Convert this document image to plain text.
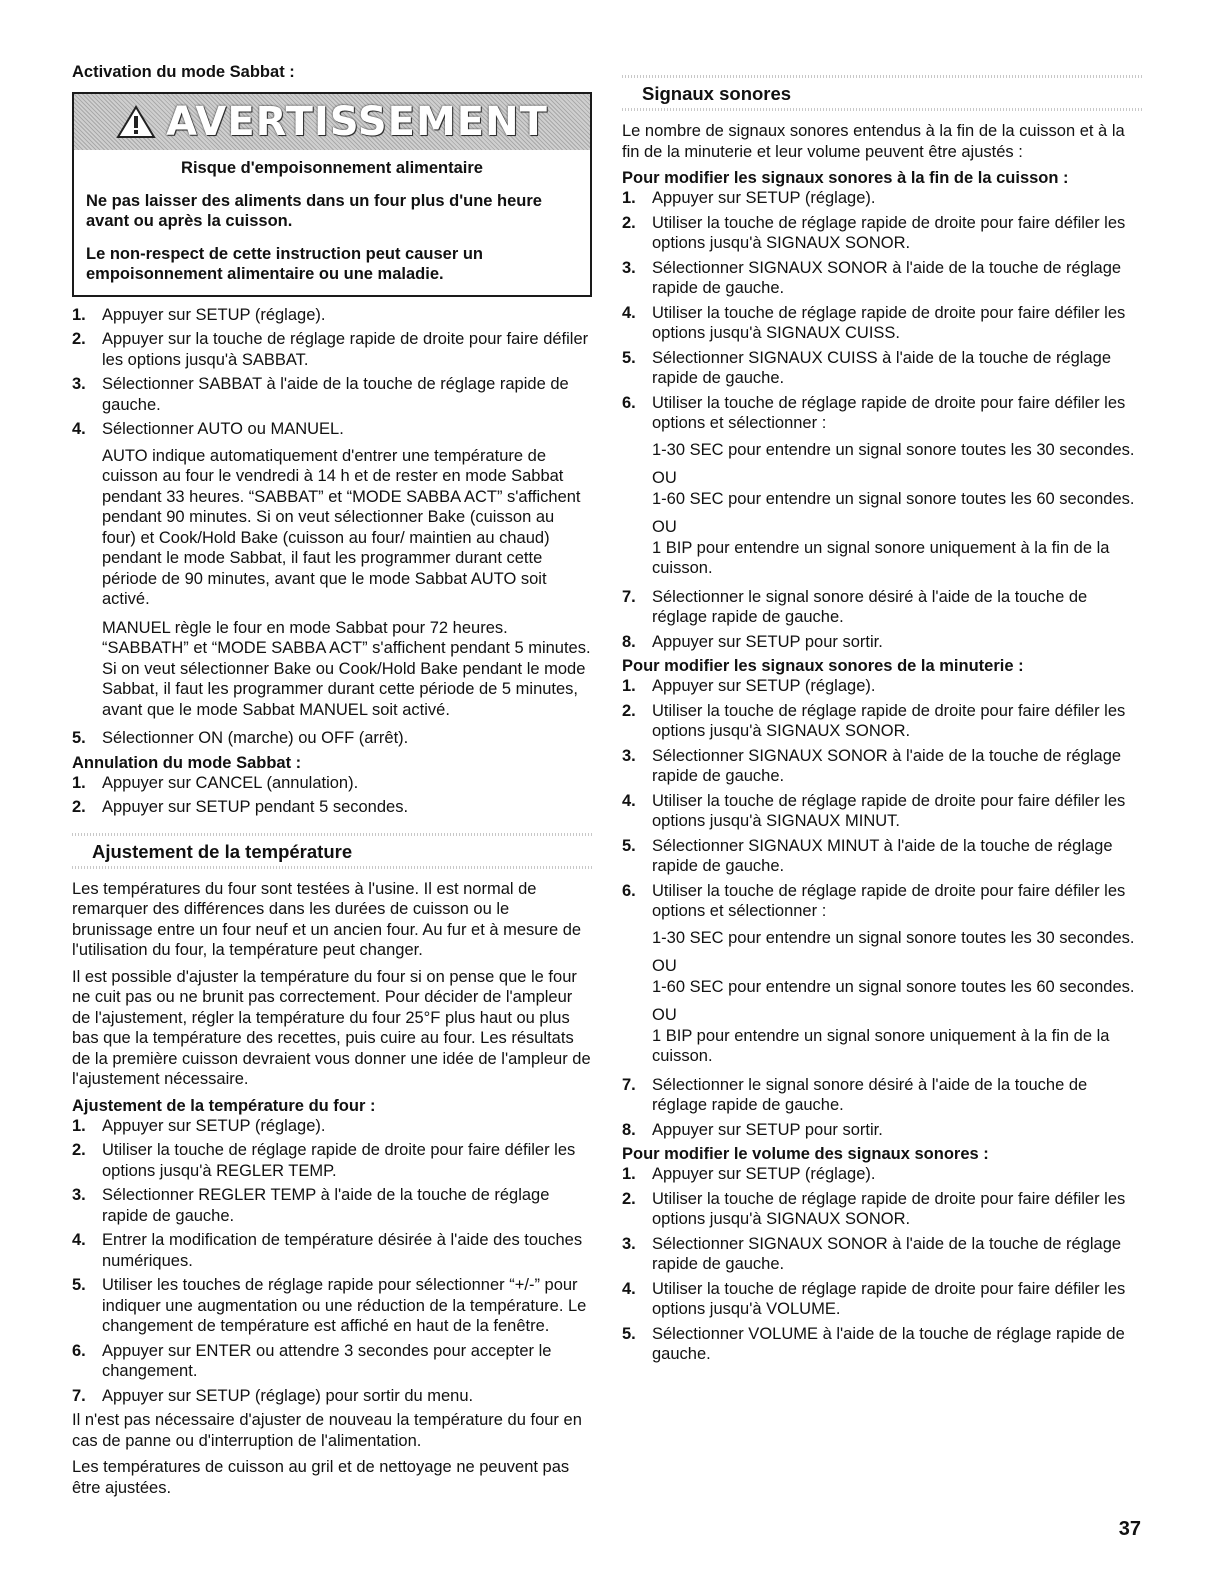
Activation du mode Sabbat :

AVERTISSEMENT

Risque d'empoisonnement alimentaire

Ne pas laisser des aliments dans un four plus d'une heure avant ou après la cuisson.

Le non-respect de cette instruction peut causer un empoisonnement alimentaire ou une maladie.

1. Appuyer sur SETUP (réglage).
2. Appuyer sur la touche de réglage rapide de droite pour faire défiler les options jusqu'à SABBAT.
3. Sélectionner SABBAT à l'aide de la touche de réglage rapide de gauche.
4. Sélectionner AUTO ou MANUEL.

AUTO indique automatiquement d'entrer une température de cuisson au four le vendredi à 14 h et de rester en mode Sabbat pendant 33 heures. “SABBAT” et “MODE SABBA ACT” s'affichent pendant 90 minutes. Si on veut sélectionner Bake (cuisson au four) et Cook/Hold Bake (cuisson au four/ maintien au chaud) pendant le mode Sabbat, il faut les programmer durant cette période de 90 minutes, avant que le mode Sabbat AUTO soit activé.

MANUEL règle le four en mode Sabbat pour 72 heures. “SABBATH” et “MODE SABBA ACT” s'affichent pendant 5 minutes. Si on veut sélectionner Bake ou Cook/Hold Bake pendant le mode Sabbat, il faut les programmer durant cette période de 5 minutes, avant que le mode Sabbat MANUEL soit activé.

5. Sélectionner ON (marche) ou OFF (arrêt).

Annulation du mode Sabbat :

1. Appuyer sur CANCEL (annulation).
2. Appuyer sur SETUP pendant 5 secondes.
Ajustement de la température

Les températures du four sont testées à l'usine. Il est normal de remarquer des différences dans les durées de cuisson ou le brunissage entre un four neuf et un ancien four. Au fur et à mesure de l'utilisation du four, la température peut changer.

Il est possible d'ajuster la température du four si on pense que le four ne cuit pas ou ne brunit pas correctement. Pour décider de l'ampleur de l'ajustement, régler la température du four 25°F plus haut ou plus bas que la température des recettes, puis cuire au four. Les résultats de la première cuisson devraient vous donner une idée de l'ampleur de l'ajustement nécessaire.

Ajustement de la température du four :

1. Appuyer sur SETUP (réglage).
2. Utiliser la touche de réglage rapide de droite pour faire défiler les options jusqu'à REGLER TEMP.
3. Sélectionner REGLER TEMP à l'aide de la touche de réglage rapide de gauche.
4. Entrer la modification de température désirée à l'aide des touches numériques.
5. Utiliser les touches de réglage rapide pour sélectionner “+/-” pour indiquer une augmentation ou une réduction de la température. Le changement de température est affiché en haut de la fenêtre.
6. Appuyer sur ENTER ou attendre 3 secondes pour accepter le changement.
7. Appuyer sur SETUP (réglage) pour sortir du menu.

Il n'est pas nécessaire d'ajuster de nouveau la température du four en cas de panne ou d'interruption de l'alimentation.

Les températures de cuisson au gril et de nettoyage ne peuvent pas être ajustées.

Signaux sonores

Le nombre de signaux sonores entendus à la fin de la cuisson et à la fin de la minuterie et leur volume peuvent être ajustés :

Pour modifier les signaux sonores à la fin de la cuisson :

1. Appuyer sur SETUP (réglage).
2. Utiliser la touche de réglage rapide de droite pour faire défiler les options jusqu'à SIGNAUX SONOR.
3. Sélectionner SIGNAUX SONOR à l'aide de la touche de réglage rapide de gauche.
4. Utiliser la touche de réglage rapide de droite pour faire défiler les options jusqu'à SIGNAUX CUISS.
5. Sélectionner SIGNAUX CUISS à l'aide de la touche de réglage rapide de gauche.
6. Utiliser la touche de réglage rapide de droite pour faire défiler les options et sélectionner :

1-30 SEC pour entendre un signal sonore toutes les 30 secondes.

OU

1-60 SEC pour entendre un signal sonore toutes les 60 secondes.

OU

1 BIP pour entendre un signal sonore uniquement à la fin de la cuisson.

7. Sélectionner le signal sonore désiré à l'aide de la touche de réglage rapide de gauche.
8. Appuyer sur SETUP pour sortir.

Pour modifier les signaux sonores de la minuterie :

1. Appuyer sur SETUP (réglage).
2. Utiliser la touche de réglage rapide de droite pour faire défiler les options jusqu'à SIGNAUX SONOR.
3. Sélectionner SIGNAUX SONOR à l'aide de la touche de réglage rapide de gauche.
4. Utiliser la touche de réglage rapide de droite pour faire défiler les options jusqu'à SIGNAUX MINUT.
5. Sélectionner SIGNAUX MINUT à l'aide de la touche de réglage rapide de gauche.
6. Utiliser la touche de réglage rapide de droite pour faire défiler les options et sélectionner :

1-30 SEC pour entendre un signal sonore toutes les 30 secondes.

OU

1-60 SEC pour entendre un signal sonore toutes les 60 secondes.

OU

1 BIP pour entendre un signal sonore uniquement à la fin de la cuisson.

7. Sélectionner le signal sonore désiré à l'aide de la touche de réglage rapide de gauche.
8. Appuyer sur SETUP pour sortir.

Pour modifier le volume des signaux sonores :

1. Appuyer sur SETUP (réglage).
2. Utiliser la touche de réglage rapide de droite pour faire défiler les options jusqu'à SIGNAUX SONOR.
3. Sélectionner SIGNAUX SONOR à l'aide de la touche de réglage rapide de gauche.
4. Utiliser la touche de réglage rapide de droite pour faire défiler les options jusqu'à VOLUME.
5. Sélectionner VOLUME à l'aide de la touche de réglage rapide de gauche.
37
